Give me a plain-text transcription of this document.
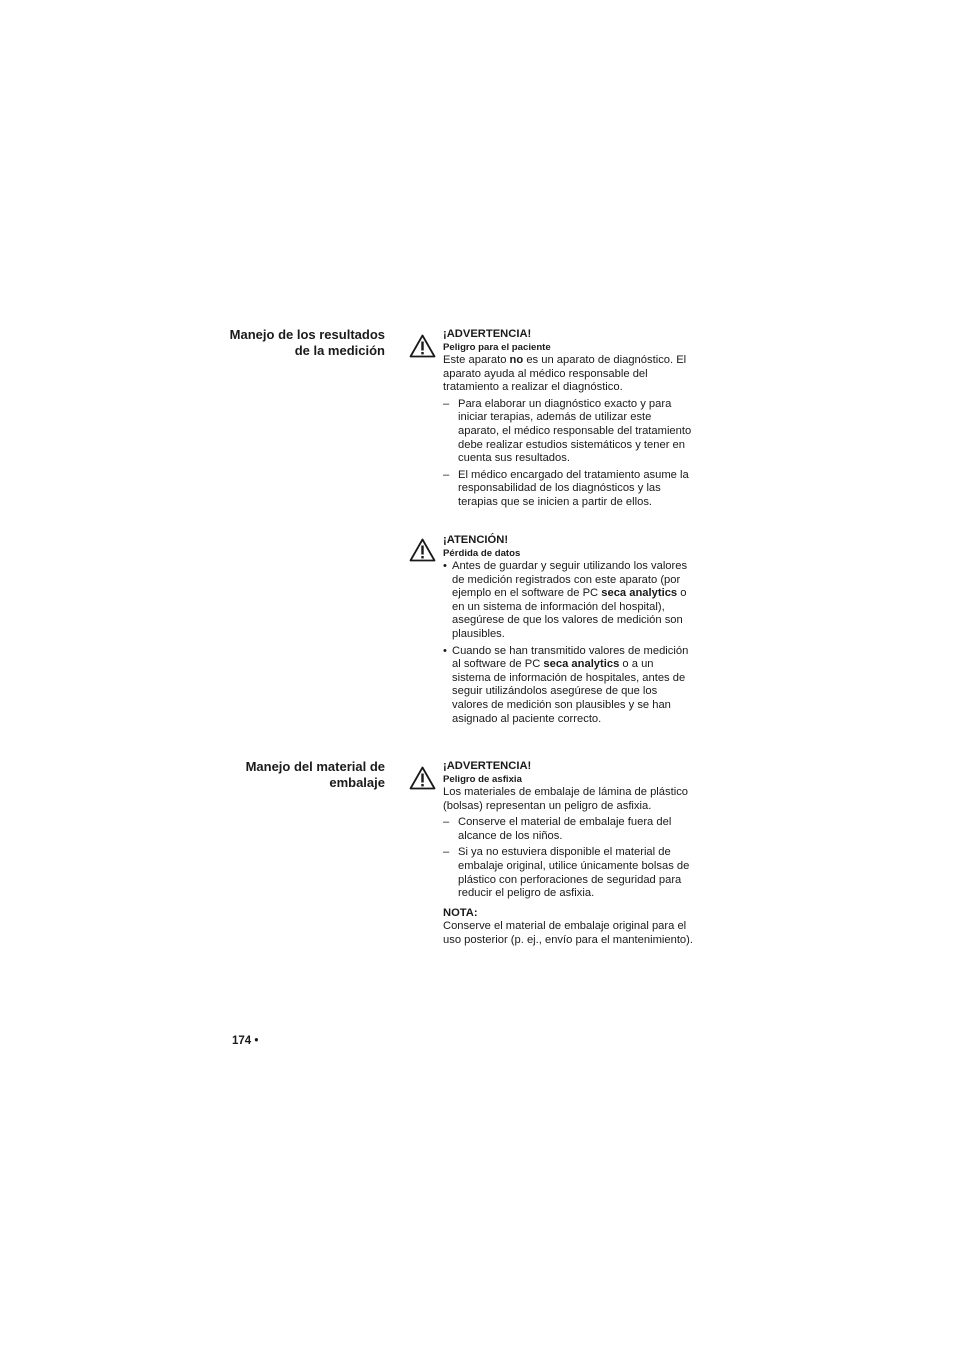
Manejo de los resultados de la medición
Manejo del material de embalaje
¡ADVERTENCIA!
Peligro para el paciente

Este aparato no es un aparato de diagnóstico. El aparato ayuda al médico responsable del tratamiento a realizar el diagnóstico.

– Para elaborar un diagnóstico exacto y para iniciar terapias, además de utilizar este aparato, el médico responsable del tratamiento debe realizar estudios sistemáticos y tener en cuenta sus resultados.
– El médico encargado del tratamiento asume la responsabilidad de los diagnósticos y las terapias que se inicien a partir de ellos.
¡ATENCIÓN!
Pérdida de datos
• Antes de guardar y seguir utilizando los valores de medición registrados con este aparato (por ejemplo en el software de PC seca analytics o en un sistema de información del hospital), asegúrese de que los valores de medición son plausibles.
• Cuando se han transmitido valores de medición al software de PC seca analytics o a un sistema de información de hospitales, antes de seguir utilizándolos asegúrese de que los valores de medición son plausibles y se han asignado al paciente correcto.
¡ADVERTENCIA!
Peligro de asfixia

Los materiales de embalaje de lámina de plástico (bolsas) representan un peligro de asfixia.

– Conserve el material de embalaje fuera del alcance de los niños.
– Si ya no estuviera disponible el material de embalaje original, utilice únicamente bolsas de plástico con perforaciones de seguridad para reducir el peligro de asfixia.
NOTA:

Conserve el material de embalaje original para el uso posterior (p. ej., envío para el mantenimiento).

174 •
